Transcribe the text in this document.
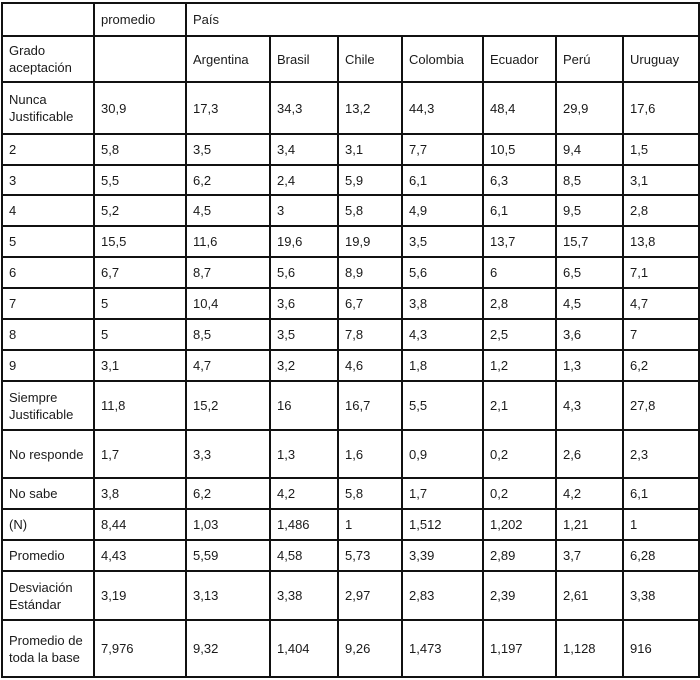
	promedio	País						
Grado aceptación		Argentina	Brasil	Chile	Colombia	Ecuador	Perú	Uruguay
Nunca Justificable	30,9	17,3	34,3	13,2	44,3	48,4	29,9	17,6
2	5,8	3,5	3,4	3,1	7,7	10,5	9,4	1,5
3	5,5	6,2	2,4	5,9	6,1	6,3	8,5	3,1
4	5,2	4,5	3	5,8	4,9	6,1	9,5	2,8
5	15,5	11,6	19,6	19,9	3,5	13,7	15,7	13,8
6	6,7	8,7	5,6	8,9	5,6	6	6,5	7,1
7	5	10,4	3,6	6,7	3,8	2,8	4,5	4,7
8	5	8,5	3,5	7,8	4,3	2,5	3,6	7
9	3,1	4,7	3,2	4,6	1,8	1,2	1,3	6,2
Siempre Justificable	11,8	15,2	16	16,7	5,5	2,1	4,3	27,8
No responde	1,7	3,3	1,3	1,6	0,9	0,2	2,6	2,3
No sabe	3,8	6,2	4,2	5,8	1,7	0,2	4,2	6,1
(N)	8,44	1,03	1,486	1	1,512	1,202	1,21	1
Promedio	4,43	5,59	4,58	5,73	3,39	2,89	3,7	6,28
Desviación Estándar	3,19	3,13	3,38	2,97	2,83	2,39	2,61	3,38
Promedio de toda la base	7,976	9,32	1,404	9,26	1,473	1,197	1,128	916
